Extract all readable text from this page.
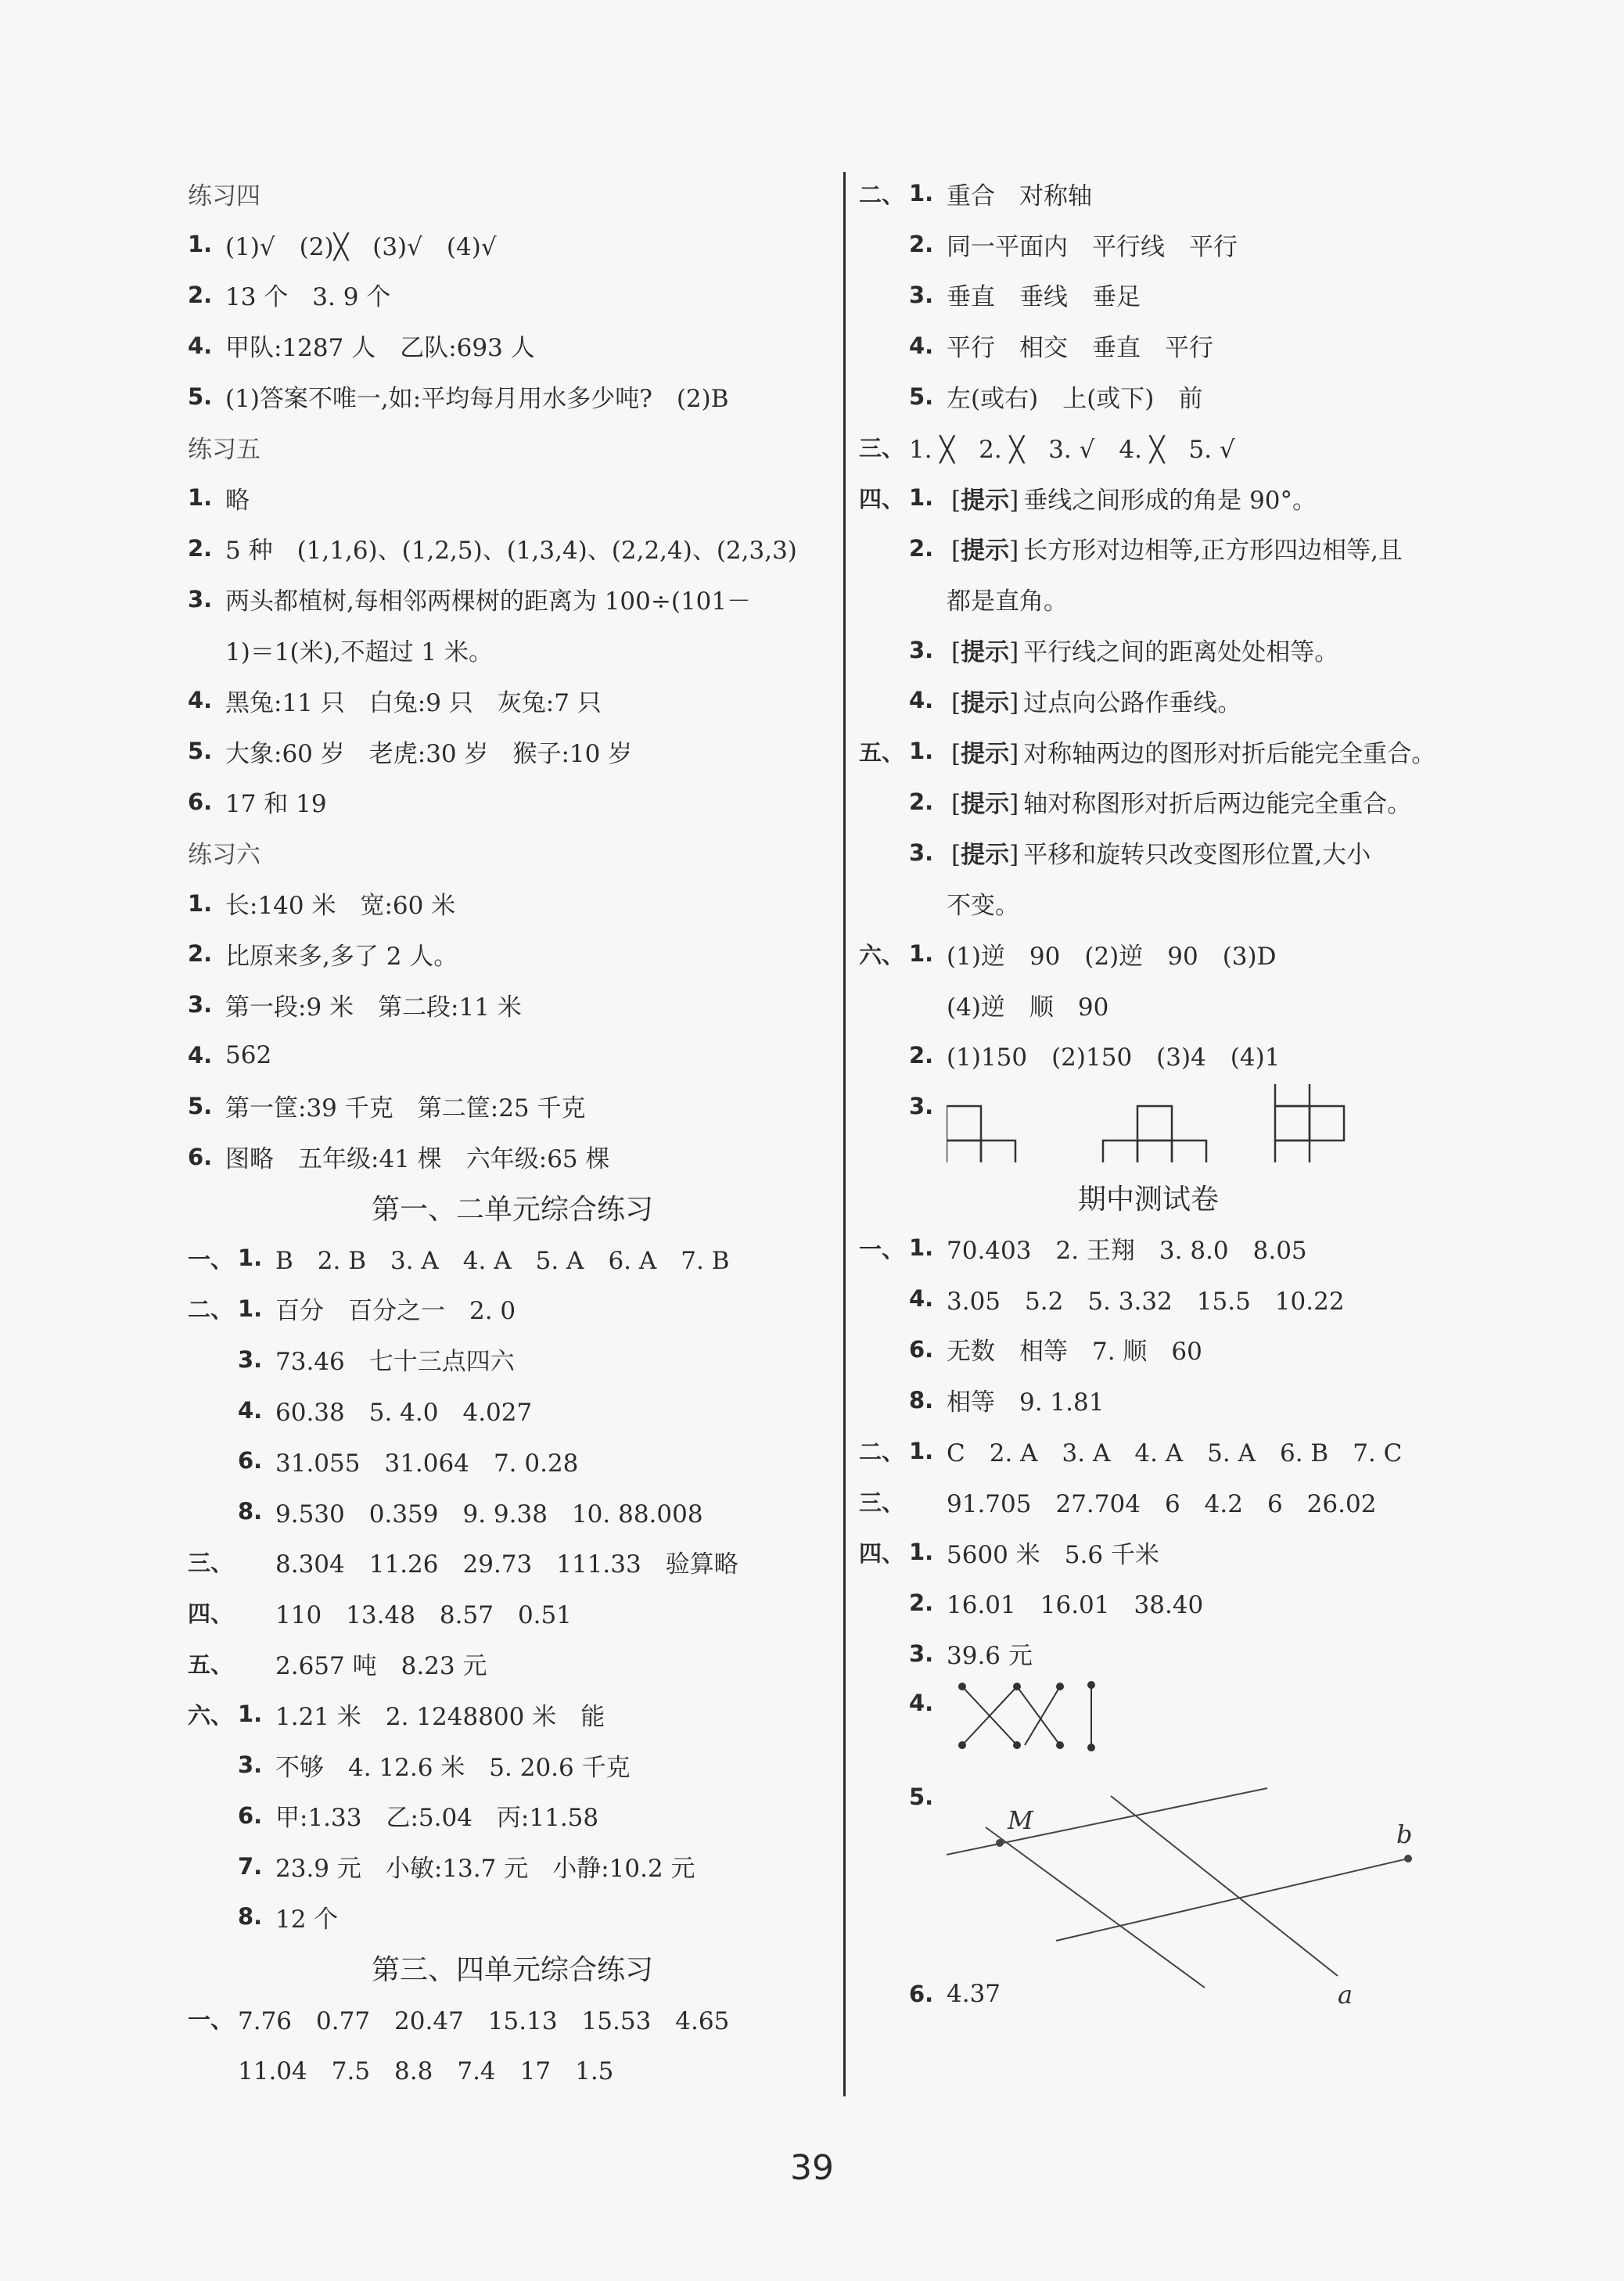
练习四
1. (1)√　(2)╳　(3)√　(4)√
2. 13 个　3. 9 个
4. 甲队:1287 人　乙队:693 人
5. (1)答案不唯一,如:平均每月用水多少吨?　(2)B
练习五
1. 略
2. 5 种　(1,1,6)、(1,2,5)、(1,3,4)、(2,2,4)、(2,3,3)
3. 两头都植树,每相邻两棵树的距离为 100÷(101－
1)＝1(米),不超过 1 米。
4. 黑兔:11 只　白兔:9 只　灰兔:7 只
5. 大象:60 岁　老虎:30 岁　猴子:10 岁
6. 17 和 19
练习六
1. 长:140 米　宽:60 米
2. 比原来多,多了 2 人。
3. 第一段:9 米　第二段:11 米
4. 562
5. 第一筐:39 千克　第二筐:25 千克
6. 图略　五年级:41 棵　六年级:65 棵
第一、二单元综合练习
一、 1. B　2. B　3. A　4. A　5. A　6. A　7. B
二、 1. 百分　百分之一　2. 0
3. 73.46　七十三点四六
4. 60.38　5. 4.0　4.027
6. 31.055　31.064　7. 0.28
8. 9.530　0.359　9. 9.38　10. 88.008
三、 8.304　11.26　29.73　111.33　验算略
四、 110　13.48　8.57　0.51
五、 2.657 吨　8.23 元
六、 1. 1.21 米　2. 1248800 米　能
3. 不够　4. 12.6 米　5. 20.6 千克
6. 甲:1.33　乙:5.04　丙:11.58
7. 23.9 元　小敏:13.7 元　小静:10.2 元
8. 12 个
第三、四单元综合练习
一、 7.76　0.77　20.47　15.13　15.53　4.65
11.04　7.5　8.8　7.4　17　1.5
二、 1. 重合　对称轴
2. 同一平面内　平行线　平行
3. 垂直　垂线　垂足
4. 平行　相交　垂直　平行
5. 左(或右)　上(或下)　前
三、 1. ╳　2. ╳　3. √　4. ╳　5. √
四、 1. [提示] 垂线之间形成的角是 90°。
2. [提示] 长方形对边相等,正方形四边相等,且
都是直角。
3. [提示] 平行线之间的距离处处相等。
4. [提示] 过点向公路作垂线。
五、 1. [提示] 对称轴两边的图形对折后能完全重合。
2. [提示] 轴对称图形对折后两边能完全重合。
3. [提示] 平移和旋转只改变图形位置,大小
不变。
六、 1. (1)逆　90　(2)逆　90　(3)D
(4)逆　顺　90
2. (1)150　(2)150　(3)4　(4)1
3.
期中测试卷
一、 1. 70.403　2. 王翔　3. 8.0　8.05
4. 3.05　5.2　5. 3.32　15.5　10.22
6. 无数　相等　7. 顺　60
8. 相等　9. 1.81
二、 1. C　2. A　3. A　4. A　5. A　6. B　7. C
三、 91.705　27.704　6　4.2　6　26.02
四、 1. 5600 米　5.6 千米
2. 16.01　16.01　38.40
3. 39.6 元
4.
5.
M	b
a
6. 4.37
39
